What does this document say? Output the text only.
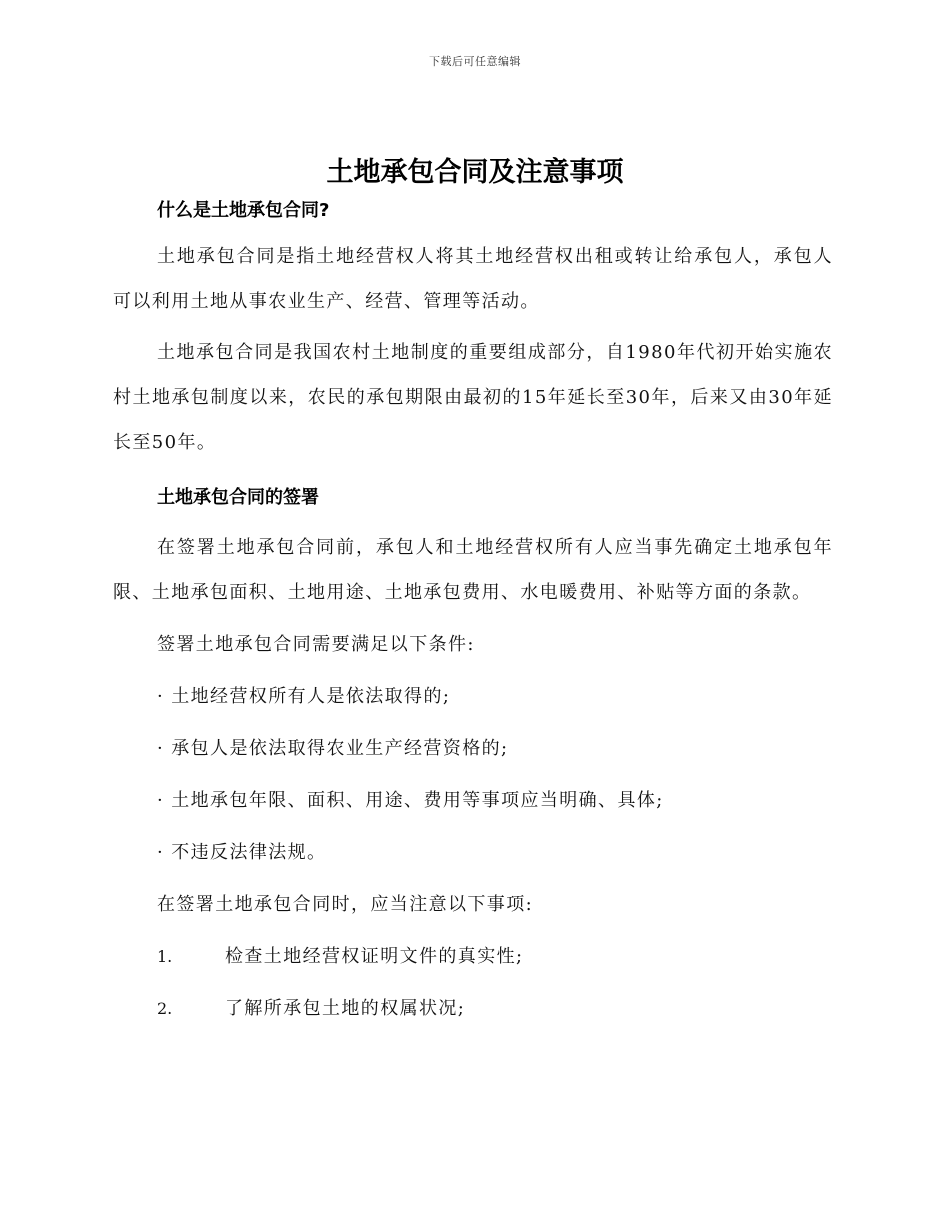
下载后可任意编辑
土地承包合同及注意事项
什么是土地承包合同?

土地承包合同是指土地经营权人将其土地经营权出租或转让给承包人，承包人可以利用土地从事农业生产、经营、管理等活动。

土地承包合同是我国农村土地制度的重要组成部分，自1980年代初开始实施农村土地承包制度以来，农民的承包期限由最初的15年延长至30年，后来又由30年延长至50年。

土地承包合同的签署

在签署土地承包合同前，承包人和土地经营权所有人应当事先确定土地承包年限、土地承包面积、土地用途、土地承包费用、水电暖费用、补贴等方面的条款。

签署土地承包合同需要满足以下条件:

· 土地经营权所有人是依法取得的;

· 承包人是依法取得农业生产经营资格的;

· 土地承包年限、面积、用途、费用等事项应当明确、具体;

· 不违反法律法规。

在签署土地承包合同时，应当注意以下事项:

1.	检查土地经营权证明文件的真实性;
2.	了解所承包土地的权属状况;
